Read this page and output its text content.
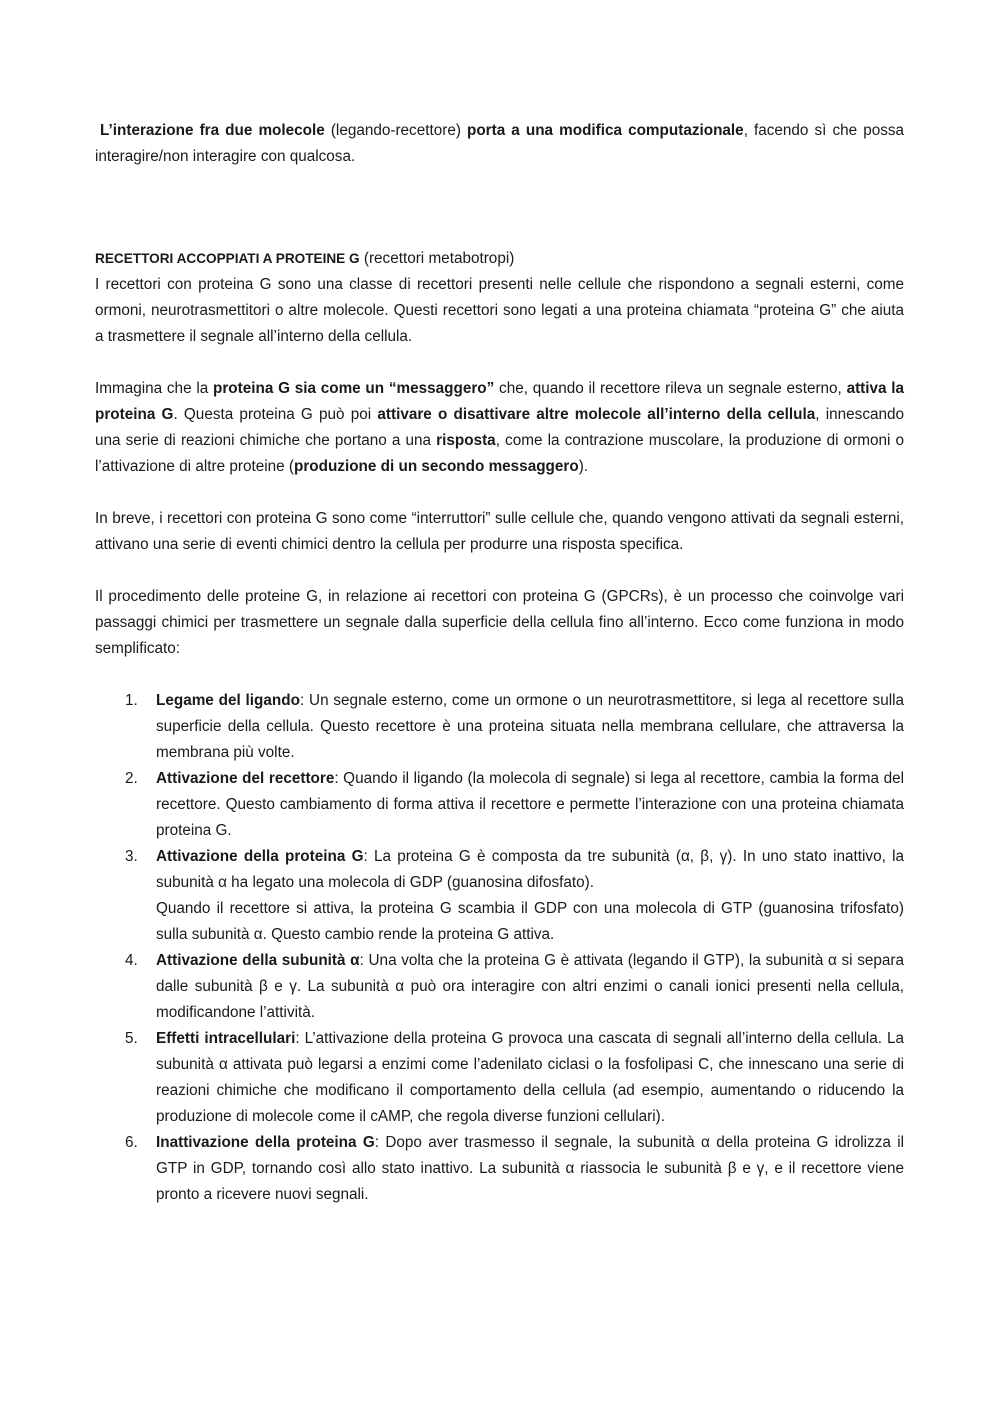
L’interazione fra due molecole (legando-recettore) porta a una modifica computazionale, facendo sì che possa interagire/non interagire con qualcosa.

RECETTORI ACCOPPIATI A PROTEINE G (recettori metabotropi)

I recettori con proteina G sono una classe di recettori presenti nelle cellule che rispondono a segnali esterni, come ormoni, neurotrasmettitori o altre molecole. Questi recettori sono legati a una proteina chiamata “proteina G” che aiuta a trasmettere il segnale all’interno della cellula.

Immagina che la proteina G sia come un “messaggero” che, quando il recettore rileva un segnale esterno, attiva la proteina G. Questa proteina G può poi attivare o disattivare altre molecole all’interno della cellula, innescando una serie di reazioni chimiche che portano a una risposta, come la contrazione muscolare, la produzione di ormoni o l’attivazione di altre proteine (produzione di un secondo messaggero).

In breve, i recettori con proteina G sono come “interruttori” sulle cellule che, quando vengono attivati da segnali esterni, attivano una serie di eventi chimici dentro la cellula per produrre una risposta specifica.

Il procedimento delle proteine G, in relazione ai recettori con proteina G (GPCRs), è un processo che coinvolge vari passaggi chimici per trasmettere un segnale dalla superficie della cellula fino all’interno. Ecco come funziona in modo semplificato:

1. Legame del ligando: Un segnale esterno, come un ormone o un neurotrasmettitore, si lega al recettore sulla superficie della cellula. Questo recettore è una proteina situata nella membrana cellulare, che attraversa la membrana più volte.
2. Attivazione del recettore: Quando il ligando (la molecola di segnale) si lega al recettore, cambia la forma del recettore. Questo cambiamento di forma attiva il recettore e permette l’interazione con una proteina chiamata proteina G.
3. Attivazione della proteina G: La proteina G è composta da tre subunità (α, β, γ). In uno stato inattivo, la subunità α ha legato una molecola di GDP (guanosina difosfato).
Quando il recettore si attiva, la proteina G scambia il GDP con una molecola di GTP (guanosina trifosfato) sulla subunità α. Questo cambio rende la proteina G attiva.
4. Attivazione della subunità α: Una volta che la proteina G è attivata (legando il GTP), la subunità α si separa dalle subunità β e γ. La subunità α può ora interagire con altri enzimi o canali ionici presenti nella cellula, modificandone l’attività.
5. Effetti intracellulari: L’attivazione della proteina G provoca una cascata di segnali all’interno della cellula. La subunità α attivata può legarsi a enzimi come l’adenilato ciclasi o la fosfolipasi C, che innescano una serie di reazioni chimiche che modificano il comportamento della cellula (ad esempio, aumentando o riducendo la produzione di molecole come il cAMP, che regola diverse funzioni cellulari).
6. Inattivazione della proteina G: Dopo aver trasmesso il segnale, la subunità α della proteina G idrolizza il GTP in GDP, tornando così allo stato inattivo. La subunità α riassocia le subunità β e γ, e il recettore viene pronto a ricevere nuovi segnali.
